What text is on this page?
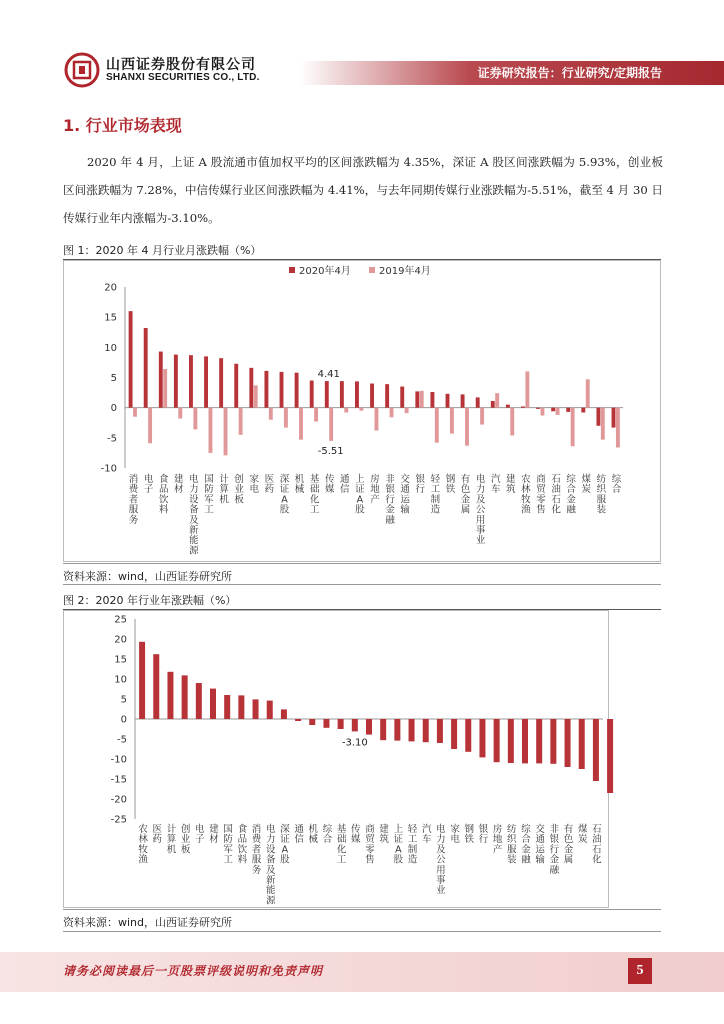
山西证券股份有限公司
SHANXI SECURITIES CO., LTD.	证券研究报告：行业研究/定期报告
1. 行业市场表现
2020 年 4 月，上证 A 股流通市值加权平均的区间涨跌幅为 4.35%，深证 A 股区间涨跌幅为 5.93%，创业板区间涨跌幅为 7.28%，中信传媒行业区间涨跌幅为 4.41%，与去年同期传媒行业涨跌幅为-5.51%，截至 4 月 30 日传媒行业年内涨幅为-3.10%。
图 1：2020 年 4 月行业月涨跌幅（%）
-10
-5
0
5
10
15
20
消费者服务
电子
食品饮料
建材
电力设备及新能源
国防军工
计算机
创业板
家电
医药
深证 A 股
机械
基础化工
传媒
通信
上证 A 股
房地产
非银行金融
交通运输
银行
轻工制造
钢铁
有色金属
电力及公用事业
汽车
建筑
农林牧渔
商贸零售
石油石化
综合金融
煤炭
纺织服装
综合
2020年4月	2019年4月
4.41
-5.51
资料来源：wind，山西证券研究所
图 2：2020 年行业年涨跌幅（%）
-25
-20
-15
-10
-5
0
5
10
15
20
25
农林牧渔
医药
计算机
创业板
电子
建材
国防军工
食品饮料
消费者服务
电力设备及新能源
深证 A 股
通信
机械
综合
基础化工
传媒
商贸零售
建筑
上证 A 股
轻工制造
汽车
电力及公用事业
家电
钢铁
银行
房地产
纺织服装
综合金融
交通运输
非银行金融
有色金属
煤炭
石油石化
-3.10
资料来源：wind，山西证券研究所
请务必阅读最后一页股票评级说明和免责声明	5
